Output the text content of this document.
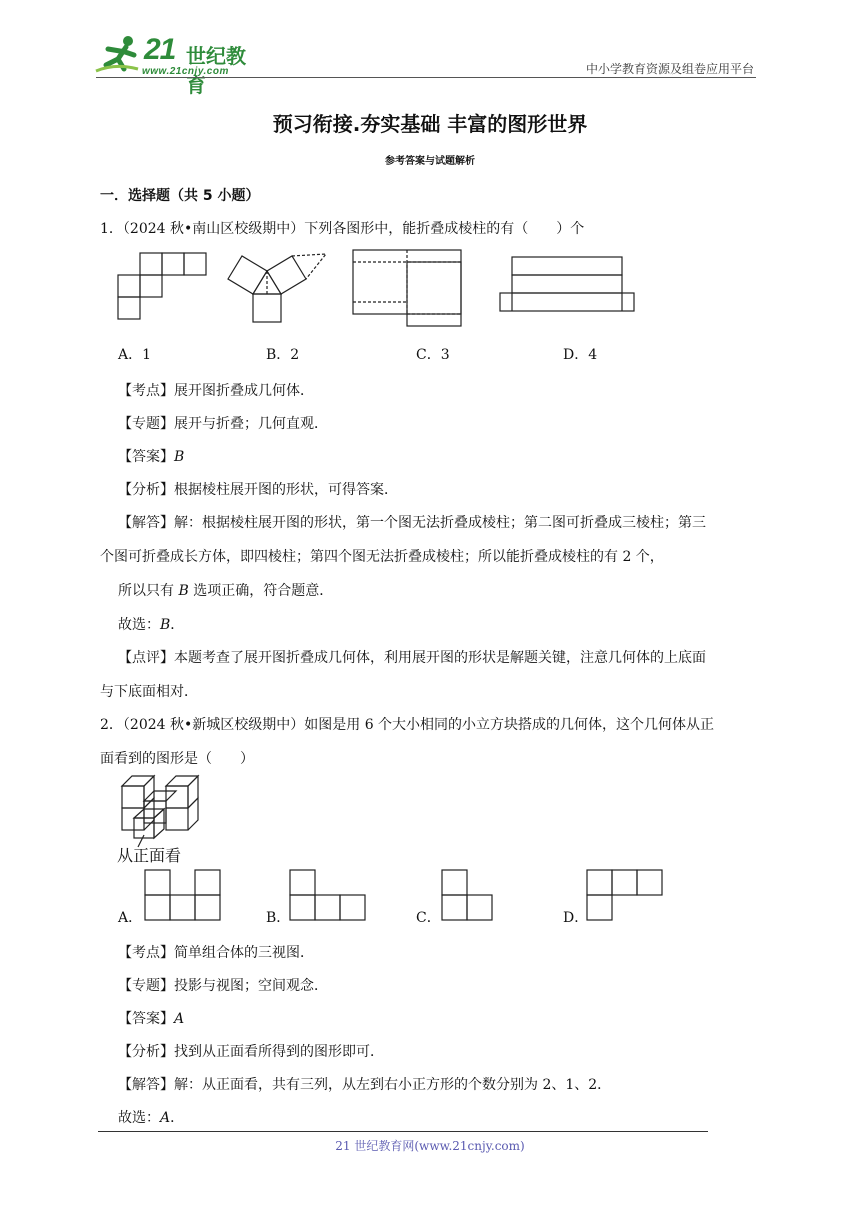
21 世纪教育
www.21cnjy.com	中小学教育资源及组卷应用平台
预习衔接.夯实基础 丰富的图形世界
参考答案与试题解析
一．选择题（共 5 小题）
1．（2024 秋•南山区校级期中）下列各图形中，能折叠成棱柱的有（　　）个
A．1	B．2	C．3	D．4
【考点】展开图折叠成几何体．
【专题】展开与折叠；几何直观．
【答案】B
【分析】根据棱柱展开图的形状，可得答案．
【解答】解：根据棱柱展开图的形状，第一个图无法折叠成棱柱；第二图可折叠成三棱柱；第三
个图可折叠成长方体，即四棱柱；第四个图无法折叠成棱柱；所以能折叠成棱柱的有 2 个，
所以只有 B 选项正确，符合题意．
故选：B．
【点评】本题考查了展开图折叠成几何体，利用展开图的形状是解题关键，注意几何体的上底面
与下底面相对．
2．（2024 秋•新城区校级期中）如图是用 6 个大小相同的小立方块搭成的几何体，这个几何体从正
面看到的图形是（　　）
从正面看
A．	B．	C．	D．
【考点】简单组合体的三视图．
【专题】投影与视图；空间观念．
【答案】A
【分析】找到从正面看所得到的图形即可．
【解答】解：从正面看，共有三列，从左到右小正方形的个数分别为 2、1、2．
故选：A．
21 世纪教育网(www.21cnjy.com)
